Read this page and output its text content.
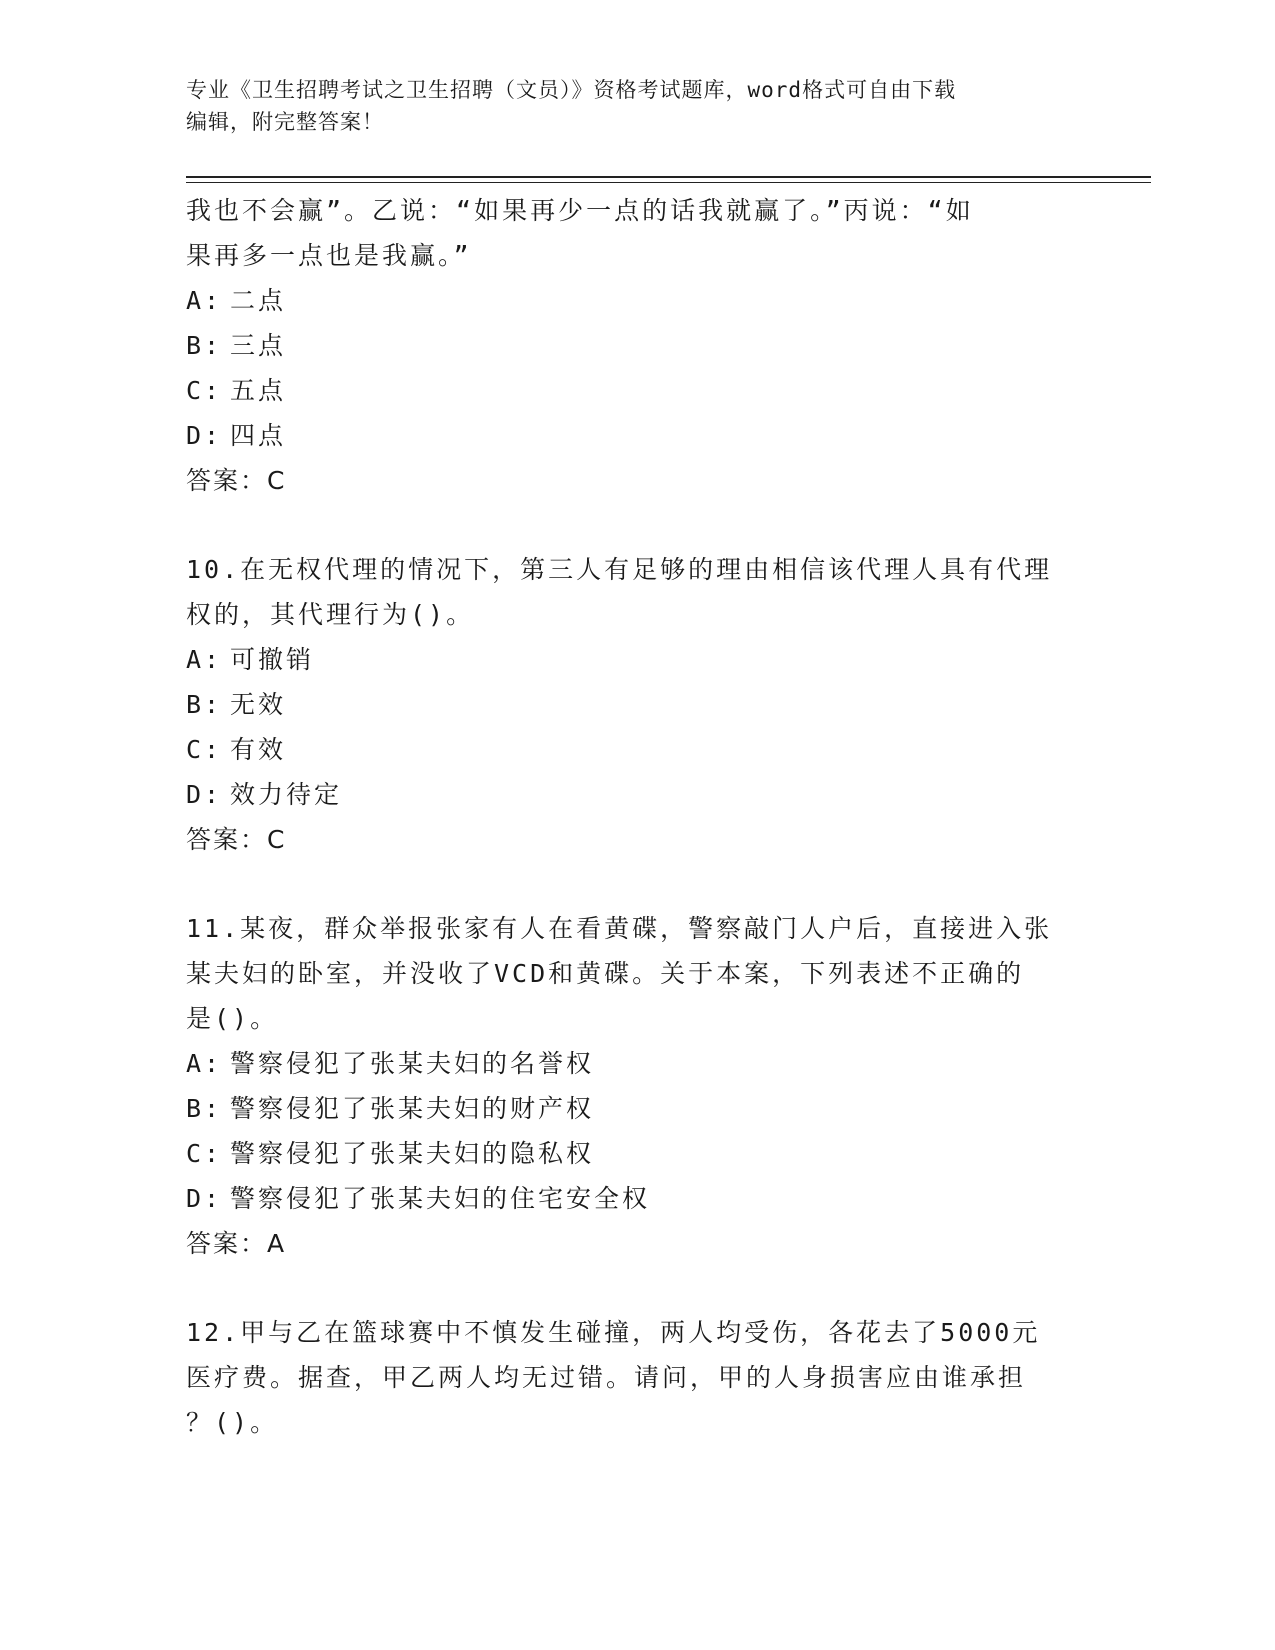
专业《卫生招聘考试之卫生招聘（文员）》资格考试题库，word格式可自由下载
编辑，附完整答案！

我也不会赢”。乙说：“如果再少一点的话我就赢了。”丙说：“如

果再多一点也是我赢。”

A: 二点

B: 三点

C: 五点

D: 四点

答案：C

10.在无权代理的情况下，第三人有足够的理由相信该代理人具有代理

权的，其代理行为()。

A: 可撤销

B: 无效

C: 有效

D: 效力待定

答案：C

11.某夜，群众举报张家有人在看黄碟，警察敲门人户后，直接进入张

某夫妇的卧室，并没收了VCD和黄碟。关于本案，下列表述不正确的

是()。

A: 警察侵犯了张某夫妇的名誉权

B: 警察侵犯了张某夫妇的财产权

C: 警察侵犯了张某夫妇的隐私权

D: 警察侵犯了张某夫妇的住宅安全权

答案：A

12.甲与乙在篮球赛中不慎发生碰撞，两人均受伤，各花去了5000元

医疗费。据查，甲乙两人均无过错。请问，甲的人身损害应由谁承担

？()。
